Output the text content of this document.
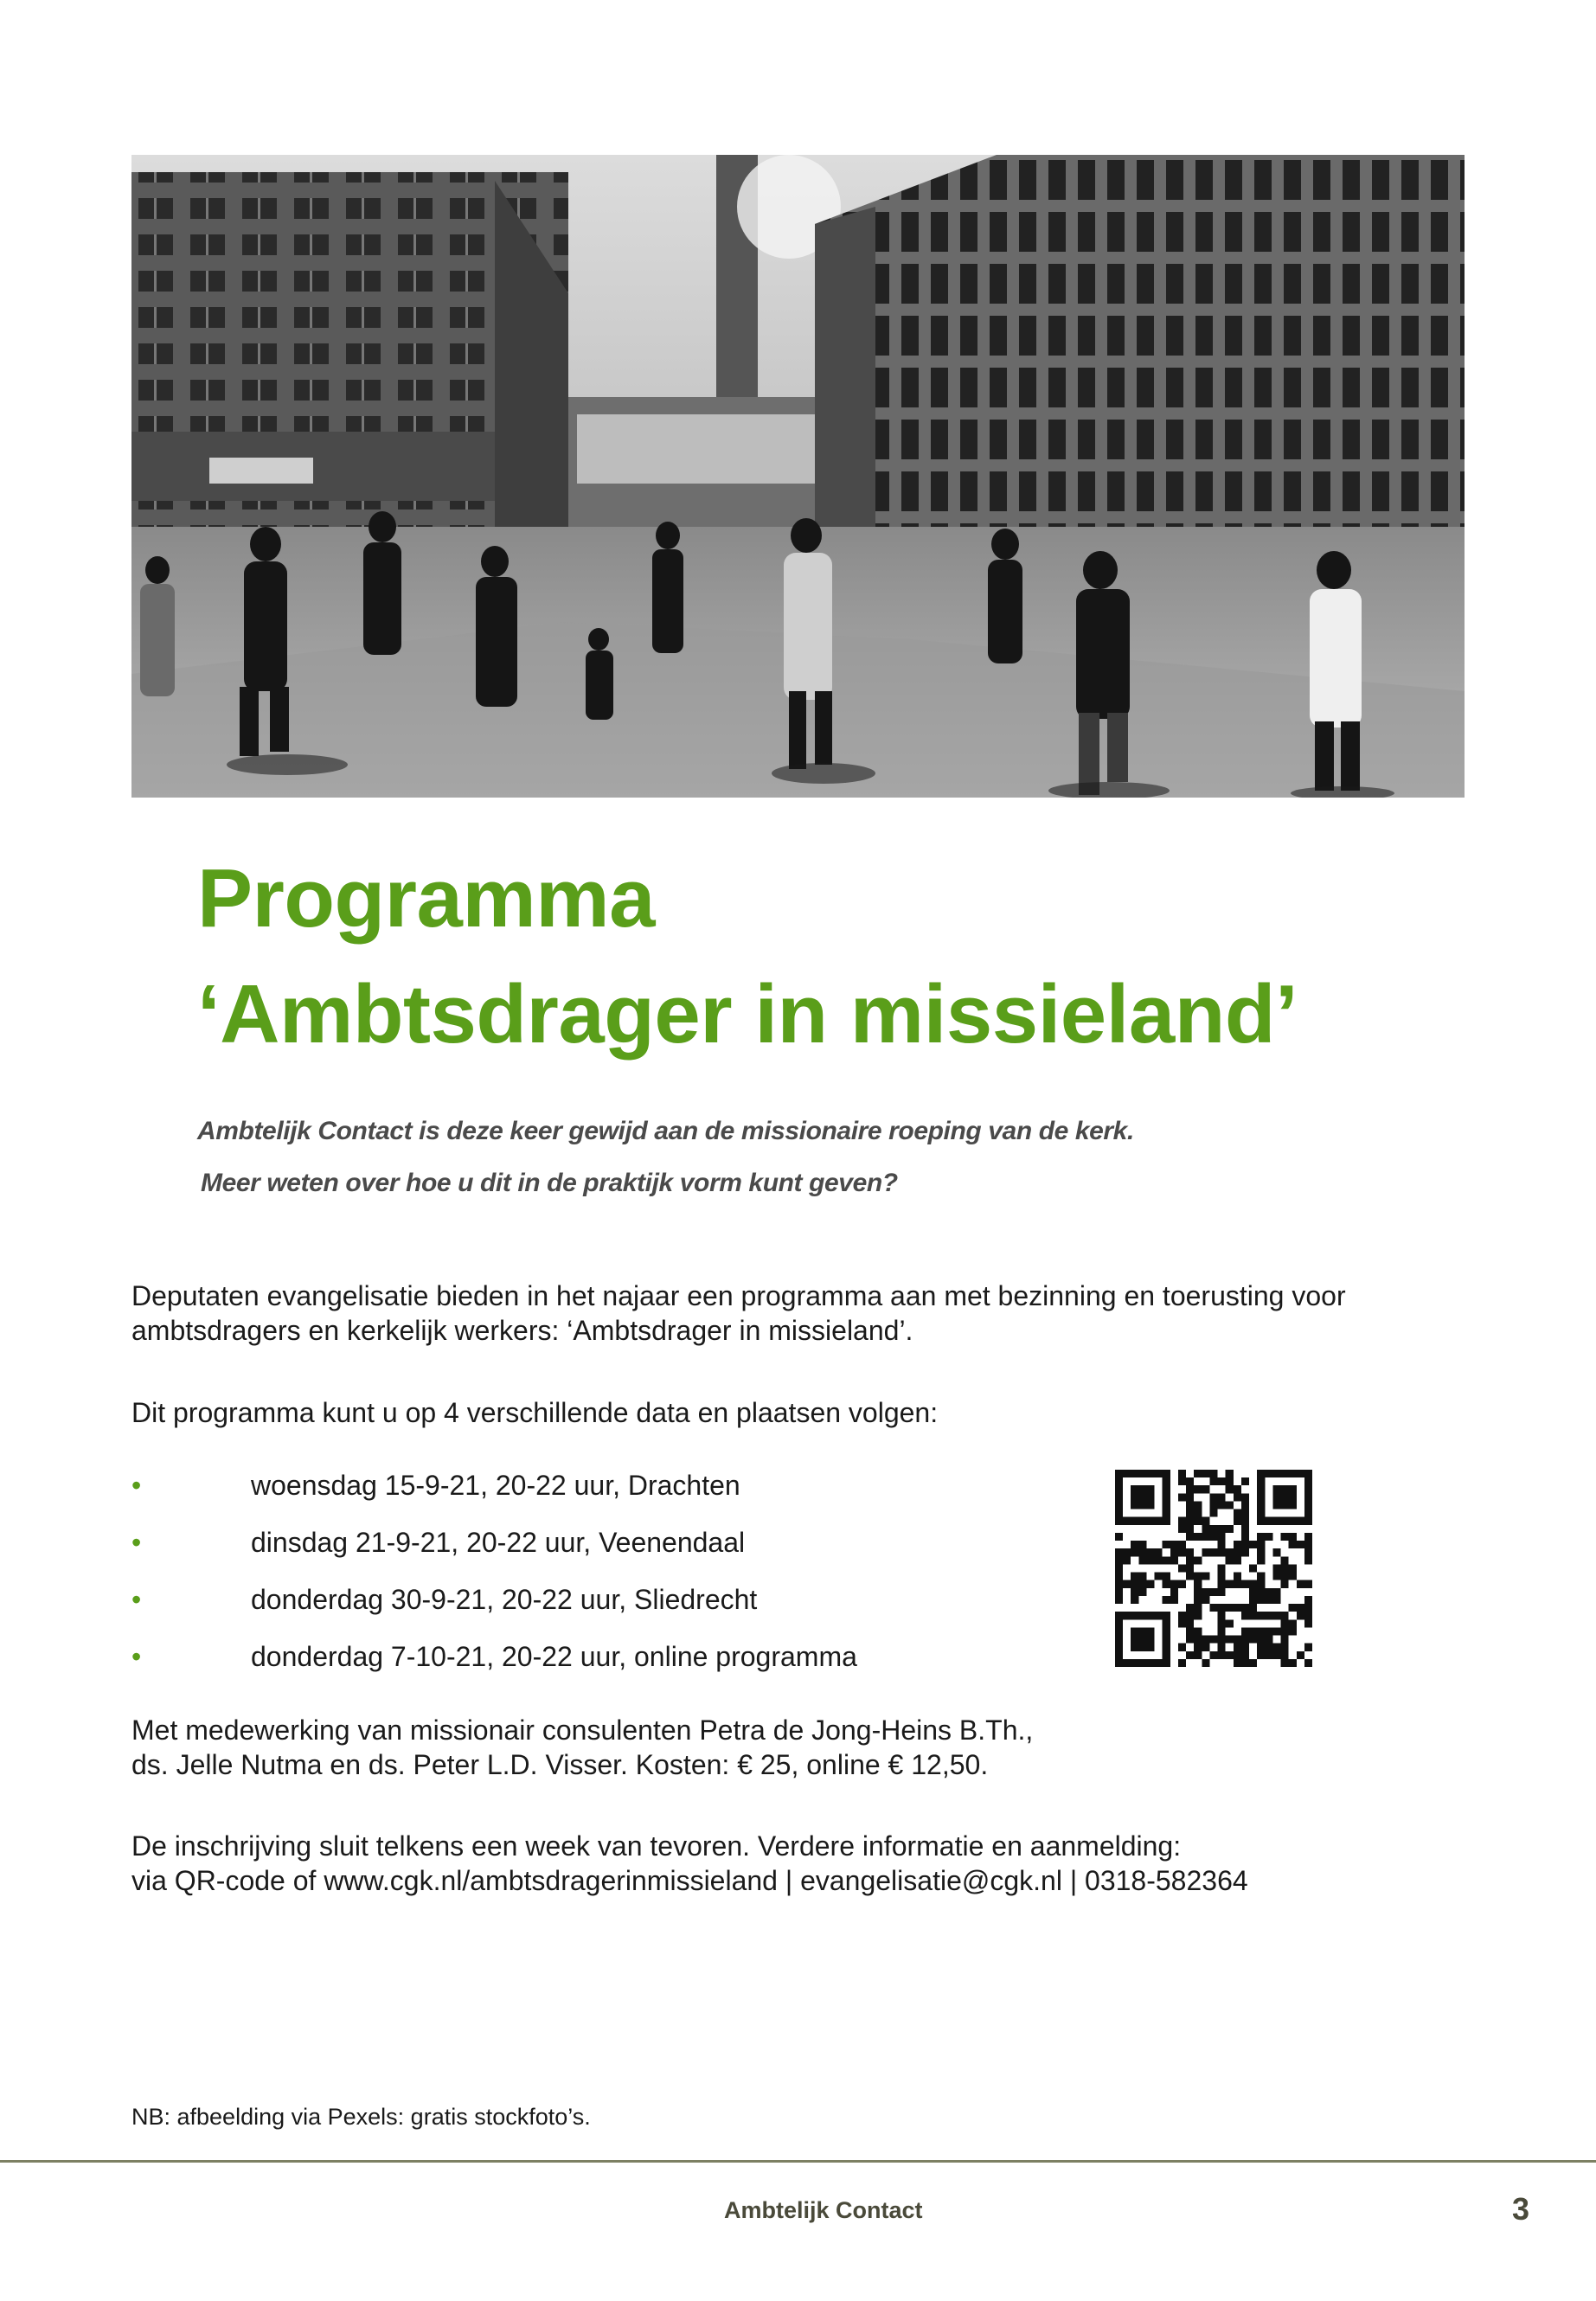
Programma
‘Ambtsdrager in missieland’
Ambtelijk Contact is deze keer gewijd aan de missionaire roeping van de kerk.
Meer weten over hoe u dit in de praktijk vorm kunt geven?
Deputaten evangelisatie bieden in het najaar een programma aan met bezinning en toerusting voor
ambtsdragers en kerkelijk werkers: ‘Ambtsdrager in missieland’.
Dit programma kunt u op 4 verschillende data en plaatsen volgen:
•	woensdag 15-9-21, 20-22 uur, Drachten
•	dinsdag 21-9-21, 20-22 uur, Veenendaal
•	donderdag 30-9-21, 20-22 uur, Sliedrecht
•	donderdag 7-10-21, 20-22 uur, online programma
Met medewerking van missionair consulenten Petra de Jong-Heins B.Th.,
ds. Jelle Nutma en ds. Peter L.D. Visser. Kosten: € 25, online € 12,50.
De inschrijving sluit telkens een week van tevoren. Verdere informatie en aanmelding:
via QR-code of www.cgk.nl/ambtsdragerinmissieland | evangelisatie@cgk.nl | 0318-582364
NB: afbeelding via Pexels: gratis stockfoto’s.
Ambtelijk Contact	3
